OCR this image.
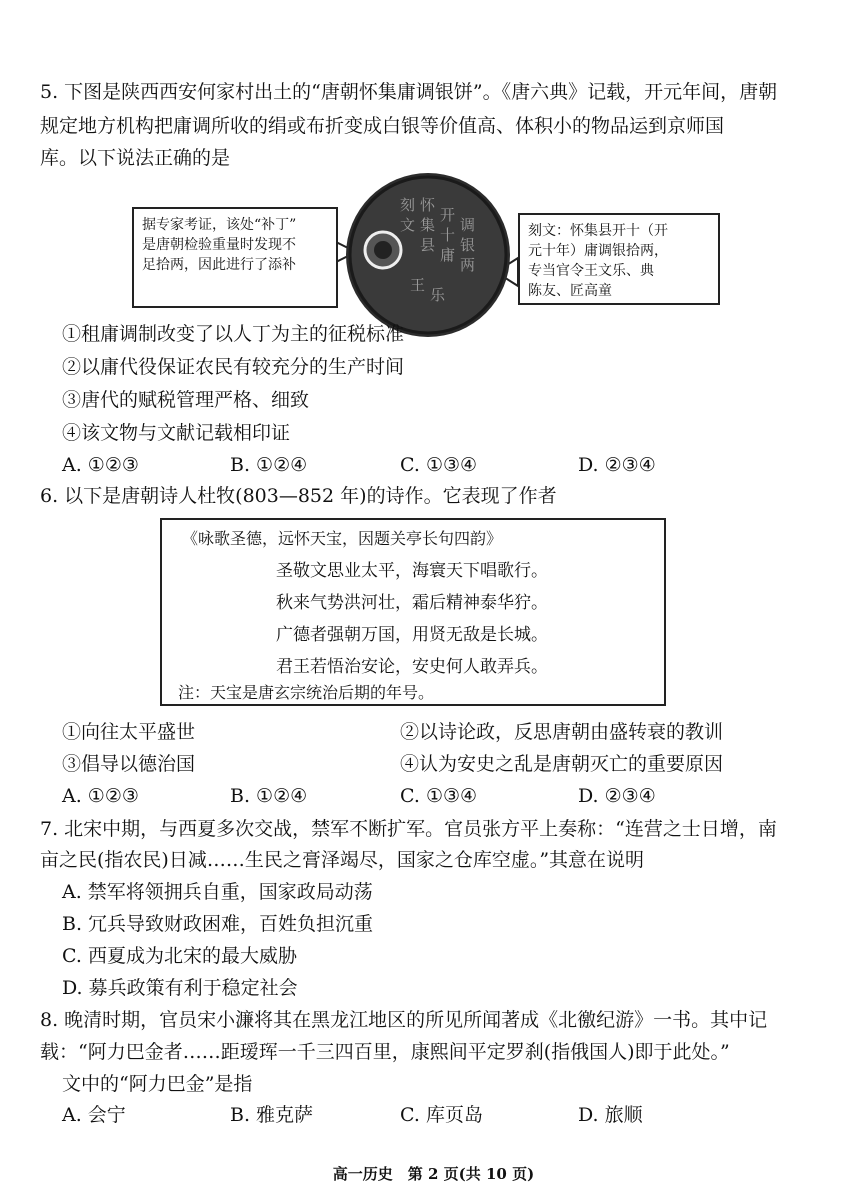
5. 下图是陕西西安何家村出土的“唐朝怀集庸调银饼”。《唐六典》记载，开元年间，唐朝
规定地方机构把庸调所收的绢或布折变成白银等价值高、体积小的物品运到京师国
库。以下说法正确的是
刻
文
怀
集
县
开
十
庸
调
银
两
王
乐
据专家考证，该处“补丁”
是唐朝检验重量时发现不
足拾两，因此进行了添补
刻文：怀集县开十（开
元十年）庸调银拾两，
专当官令王文乐、典
陈友、匠高童
①租庸调制改变了以人丁为主的征税标准
②以庸代役保证农民有较充分的生产时间
③唐代的赋税管理严格、细致
④该文物与文献记载相印证
A. ①②③	B. ①②④	C. ①③④	D. ②③④
6. 以下是唐朝诗人杜牧(803—852 年)的诗作。它表现了作者
《咏歌圣德，远怀天宝，因题关亭长句四韵》
圣敬文思业太平，海寰天下唱歌行。
秋来气势洪河壮，霜后精神泰华狞。
广德者强朝万国，用贤无敌是长城。
君王若悟治安论，安史何人敢弄兵。
注：天宝是唐玄宗统治后期的年号。
①向往太平盛世	②以诗论政，反思唐朝由盛转衰的教训
③倡导以德治国	④认为安史之乱是唐朝灭亡的重要原因
A. ①②③	B. ①②④	C. ①③④	D. ②③④
7. 北宋中期，与西夏多次交战，禁军不断扩军。官员张方平上奏称：“连营之士日增，南
亩之民(指农民)日减……生民之膏泽竭尽，国家之仓库空虚。”其意在说明
A. 禁军将领拥兵自重，国家政局动荡
B. 冗兵导致财政困难，百姓负担沉重
C. 西夏成为北宋的最大威胁
D. 募兵政策有利于稳定社会
8. 晚清时期，官员宋小濂将其在黑龙江地区的所见所闻著成《北徼纪游》一书。其中记
载：“阿力巴金者……距瑷珲一千三四百里，康熙间平定罗刹(指俄国人)即于此处。”
文中的“阿力巴金”是指
A. 会宁	B. 雅克萨	C. 库页岛	D. 旅顺
高一历史　第 2 页(共 10 页)
